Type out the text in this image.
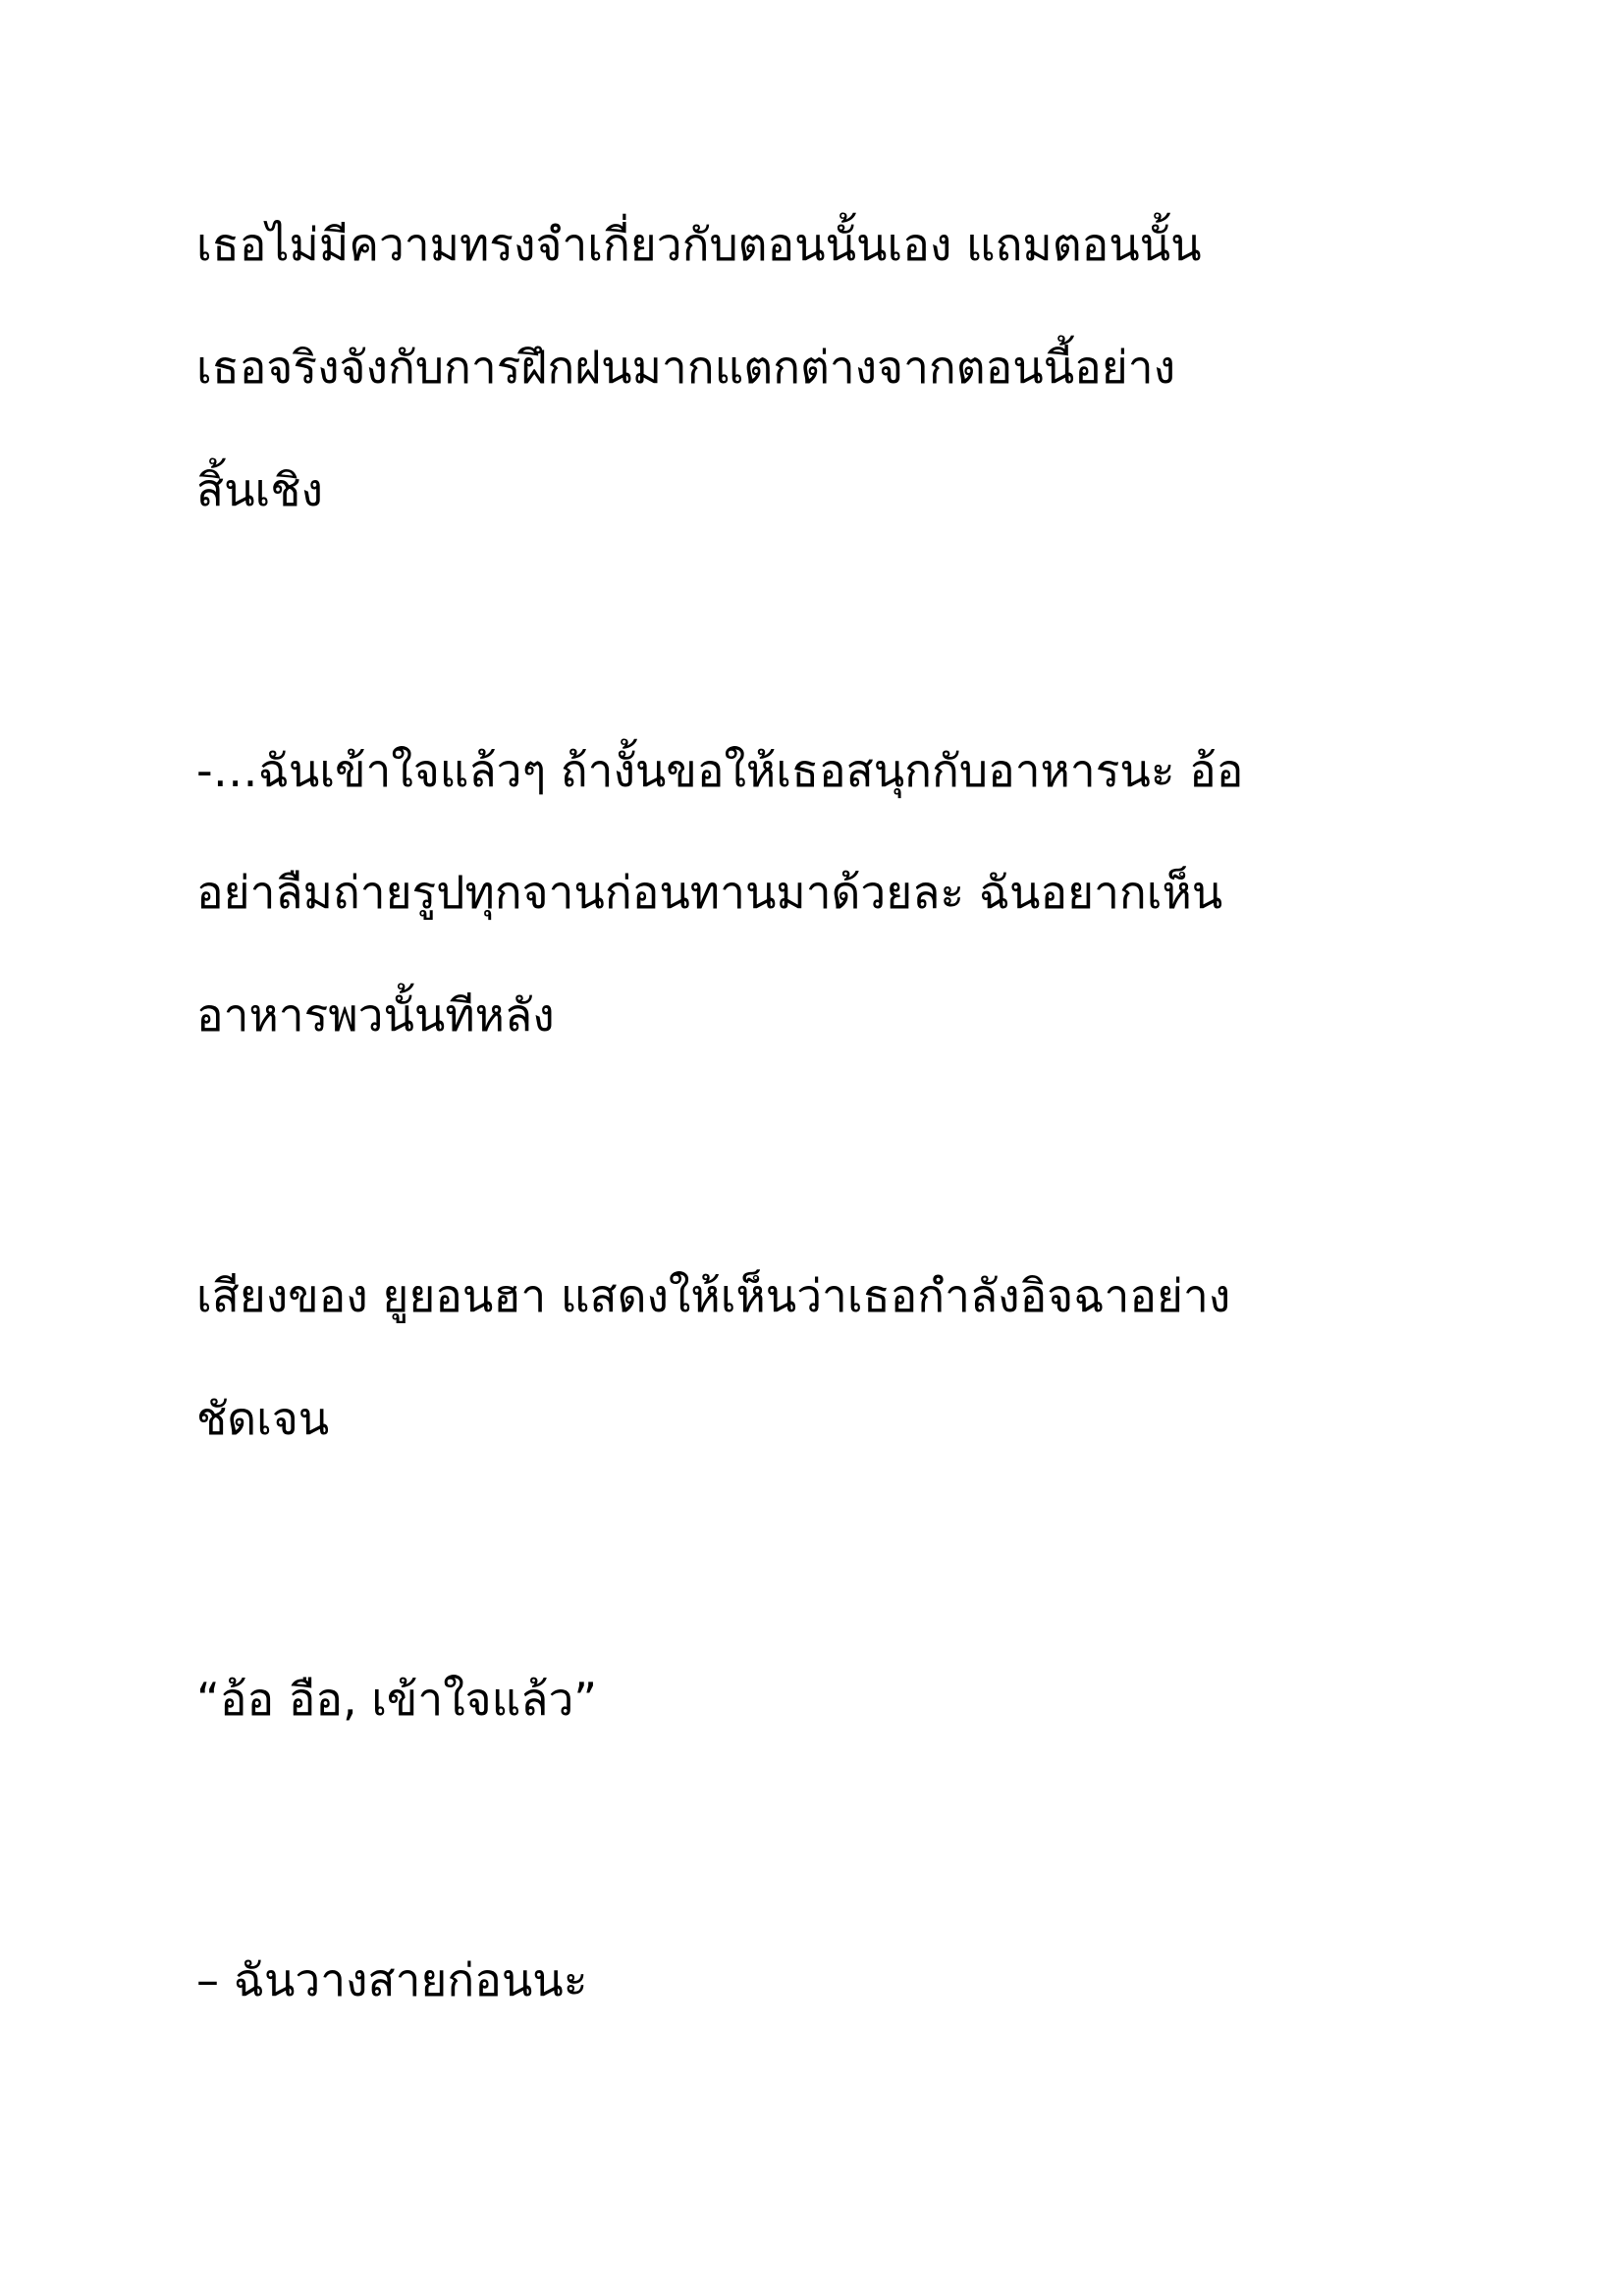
เธอไม่มีความทรงจำเกี่ยวกับตอนนั้นเอง แถมตอนนั้น

เธอจริงจังกับการฝึกฝนมากแตกต่างจากตอนนี้อย่าง

สิ้นเชิง

-…ฉันเข้าใจแล้วๆ ถ้างั้นขอให้เธอสนุกกับอาหารนะ อ้อ

อย่าลืมถ่ายรูปทุกจานก่อนทานมาด้วยละ ฉันอยากเห็น

อาหารพวนั้นทีหลัง

เสียงของ ยูยอนฮา แสดงให้เห็นว่าเธอกำลังอิจฉาอย่าง

ชัดเจน

“อ้อ อือ, เข้าใจแล้ว”

– ฉันวางสายก่อนนะ
